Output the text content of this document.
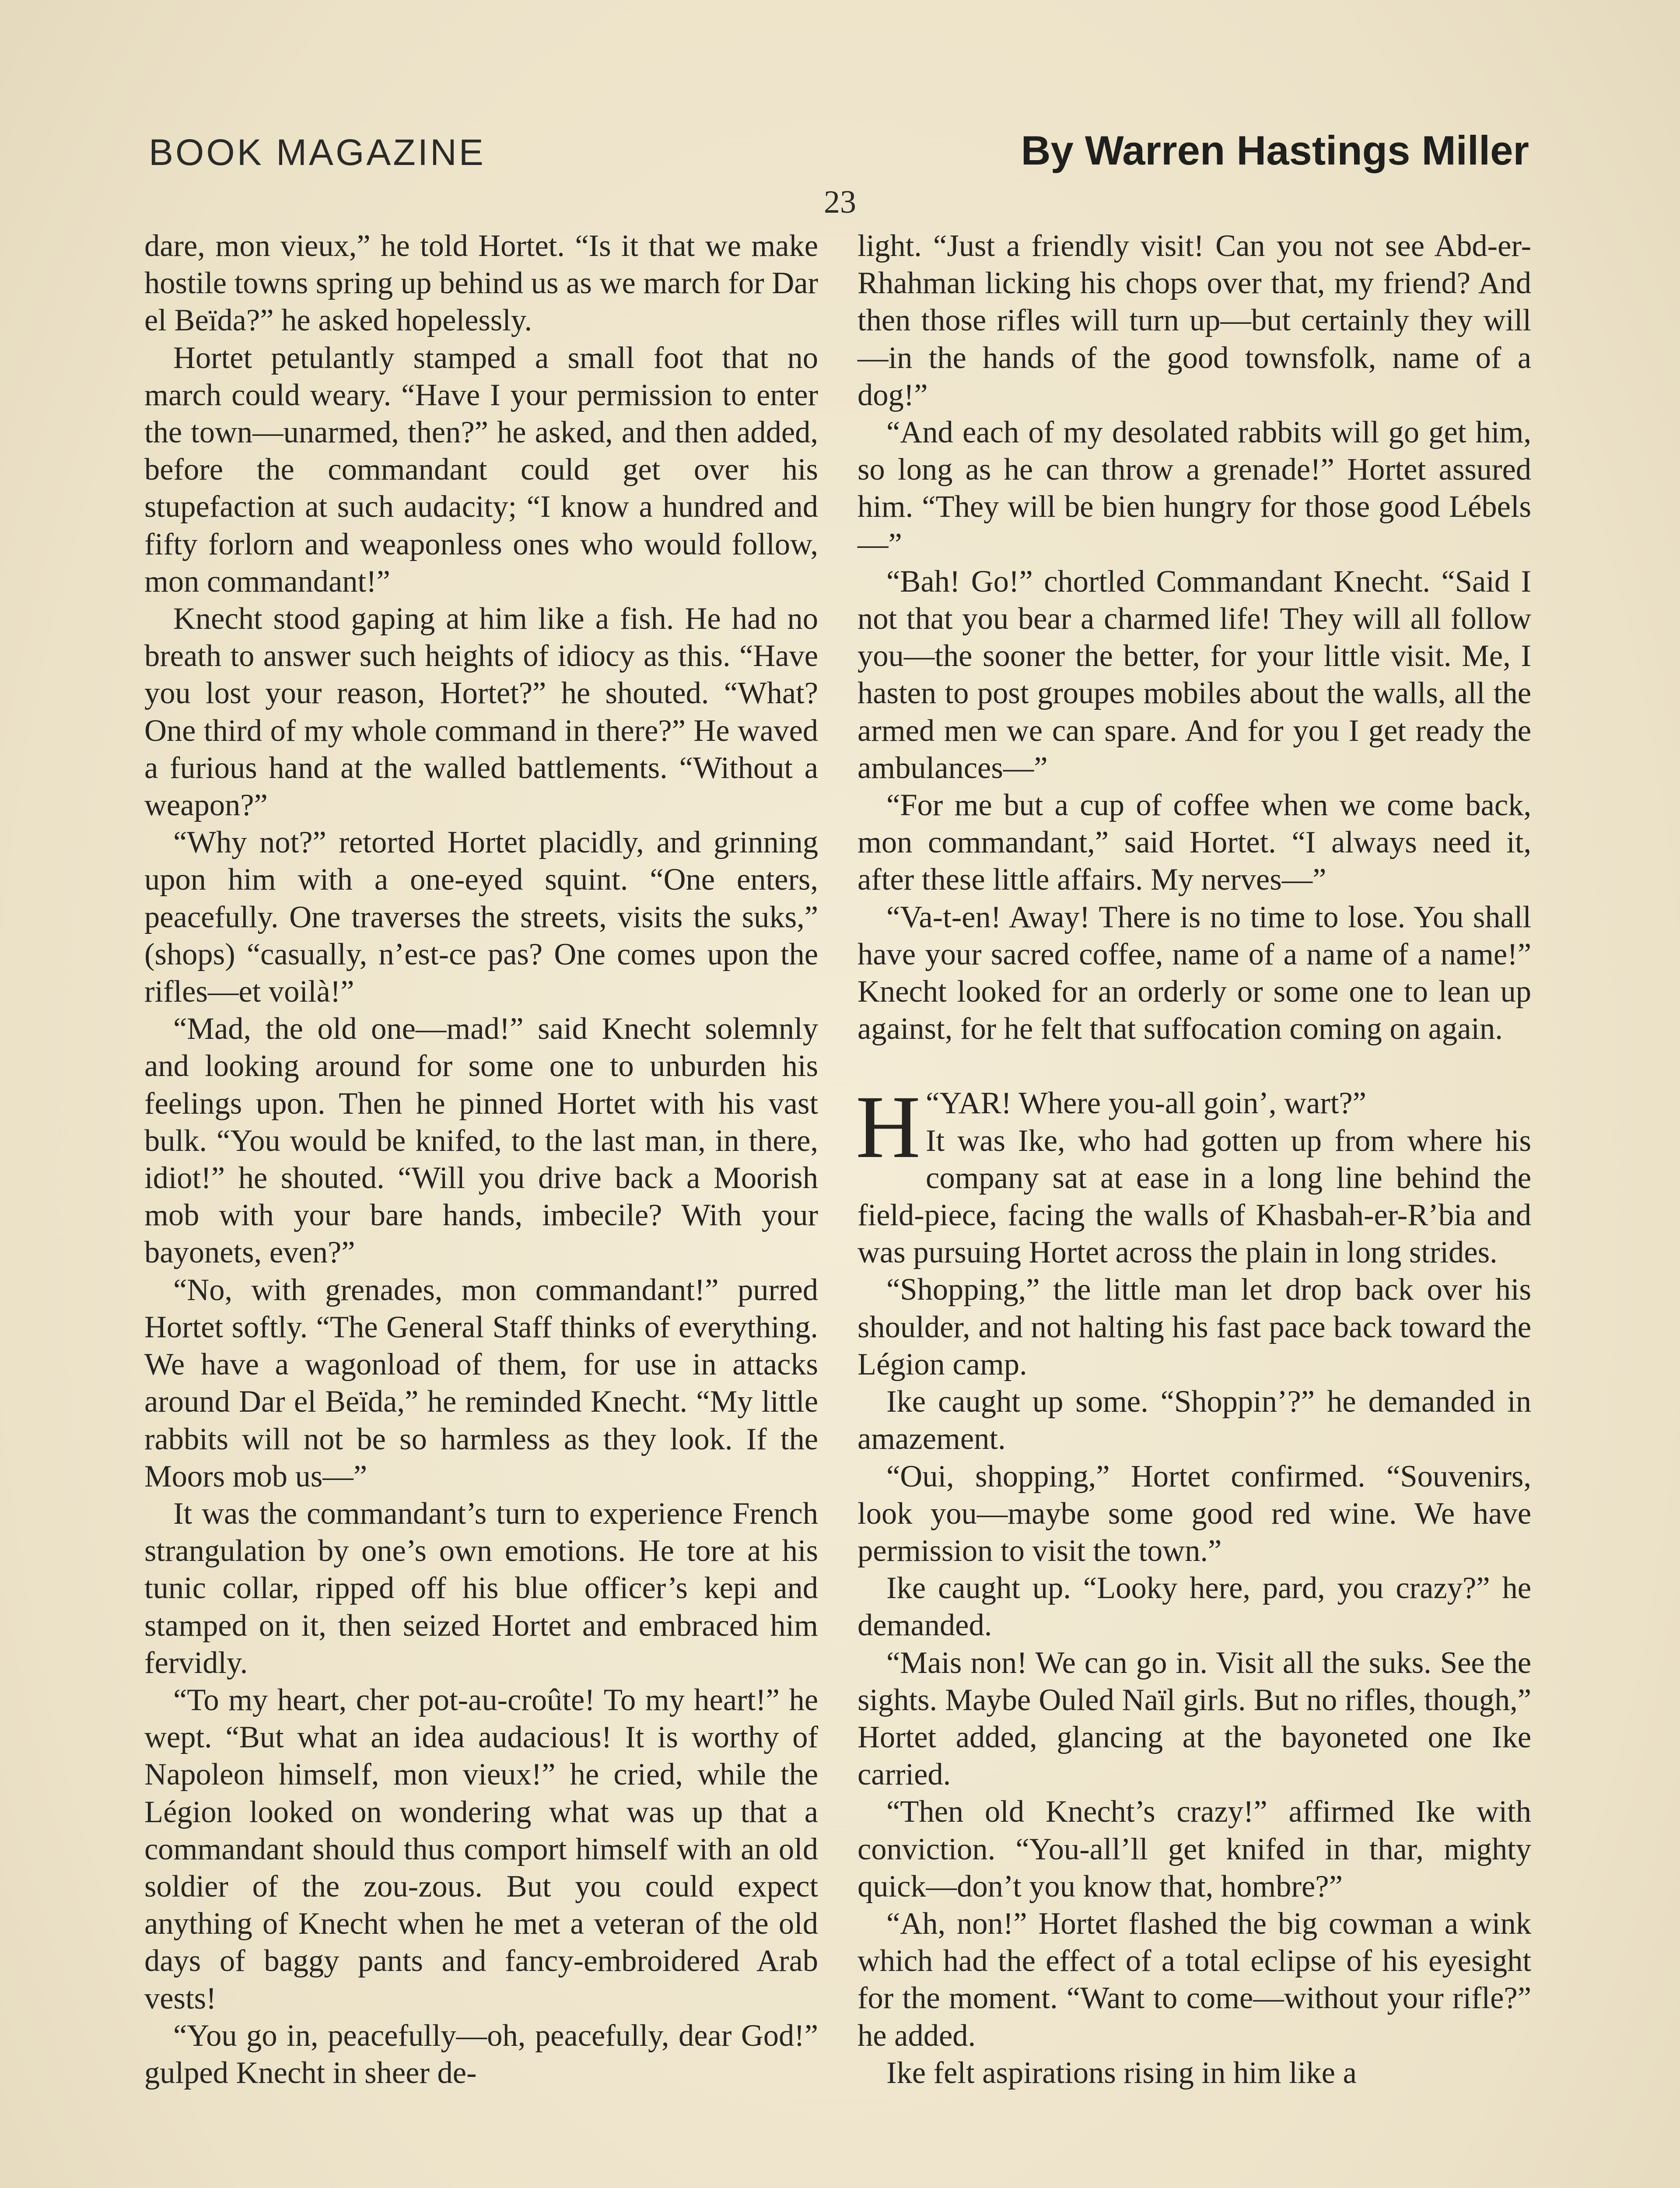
BOOK MAGAZINE	By Warren Hastings Miller
23

dare, mon vieux,” he told Hortet. “Is it that we make hostile towns spring up behind us as we march for Dar el Beïda?” he asked hopelessly.

Hortet petulantly stamped a small foot that no march could weary. “Have I your permission to enter the town—unarmed, then?” he asked, and then added, before the commandant could get over his stupefaction at such audacity; “I know a hundred and fifty forlorn and weaponless ones who would follow, mon commandant!”

Knecht stood gaping at him like a fish. He had no breath to answer such heights of idiocy as this. “Have you lost your reason, Hortet?” he shouted. “What? One third of my whole command in there?” He waved a furious hand at the walled battlements. “Without a weapon?”

“Why not?” retorted Hortet placidly, and grinning upon him with a one-eyed squint. “One enters, peacefully. One traverses the streets, visits the suks,” (shops) “casually, n’est-ce pas? One comes upon the rifles—et voilà!”

“Mad, the old one—mad!” said Knecht solemnly and looking around for some one to unburden his feelings upon. Then he pinned Hortet with his vast bulk. “You would be knifed, to the last man, in there, idiot!” he shouted. “Will you drive back a Moorish mob with your bare hands, imbecile? With your bayonets, even?”

“No, with grenades, mon commandant!” purred Hortet softly. “The General Staff thinks of everything. We have a wagonload of them, for use in attacks around Dar el Beïda,” he reminded Knecht. “My little rabbits will not be so harmless as they look. If the Moors mob us—”

It was the commandant’s turn to experience French strangulation by one’s own emotions. He tore at his tunic collar, ripped off his blue officer’s kepi and stamped on it, then seized Hortet and embraced him fervidly.

“To my heart, cher pot-au-croûte! To my heart!” he wept. “But what an idea audacious! It is worthy of Napoleon himself, mon vieux!” he cried, while the Légion looked on wondering what was up that a commandant should thus comport himself with an old soldier of the zou-zous. But you could expect anything of Knecht when he met a veteran of the old days of baggy pants and fancy-embroidered Arab vests!

“You go in, peacefully—oh, peacefully, dear God!” gulped Knecht in sheer de-

light. “Just a friendly visit! Can you not see Abd-er-Rhahman licking his chops over that, my friend? And then those rifles will turn up—but certainly they will—in the hands of the good townsfolk, name of a dog!”

“And each of my desolated rabbits will go get him, so long as he can throw a grenade!” Hortet assured him. “They will be bien hungry for those good Lébels—”

“Bah! Go!” chortled Commandant Knecht. “Said I not that you bear a charmed life! They will all follow you—the sooner the better, for your little visit. Me, I hasten to post groupes mobiles about the walls, all the armed men we can spare. And for you I get ready the ambulances—”

“For me but a cup of coffee when we come back, mon commandant,” said Hortet. “I always need it, after these little affairs. My nerves—”

“Va-t-en! Away! There is no time to lose. You shall have your sacred coffee, name of a name of a name!” Knecht looked for an orderly or some one to lean up against, for he felt that suffocation coming on again.

“
H YAR! Where you-all goin’, wart?”
It was Ike, who had gotten up from where his company sat at ease in a long line behind the field-piece, facing the walls of Khasbah-er-R’bia and was pursuing Hortet across the plain in long strides.

“Shopping,” the little man let drop back over his shoulder, and not halting his fast pace back toward the Légion camp.

Ike caught up some. “Shoppin’?” he demanded in amazement.

“Oui, shopping,” Hortet confirmed. “Souvenirs, look you—maybe some good red wine. We have permission to visit the town.”

Ike caught up. “Looky here, pard, you crazy?” he demanded.

“Mais non! We can go in. Visit all the suks. See the sights. Maybe Ouled Naïl girls. But no rifles, though,” Hortet added, glancing at the bayoneted one Ike carried.

“Then old Knecht’s crazy!” affirmed Ike with conviction. “You-all’ll get knifed in thar, mighty quick—don’t you know that, hombre?”

“Ah, non!” Hortet flashed the big cowman a wink which had the effect of a total eclipse of his eyesight for the moment. “Want to come—without your rifle?” he added.

Ike felt aspirations rising in him like a
